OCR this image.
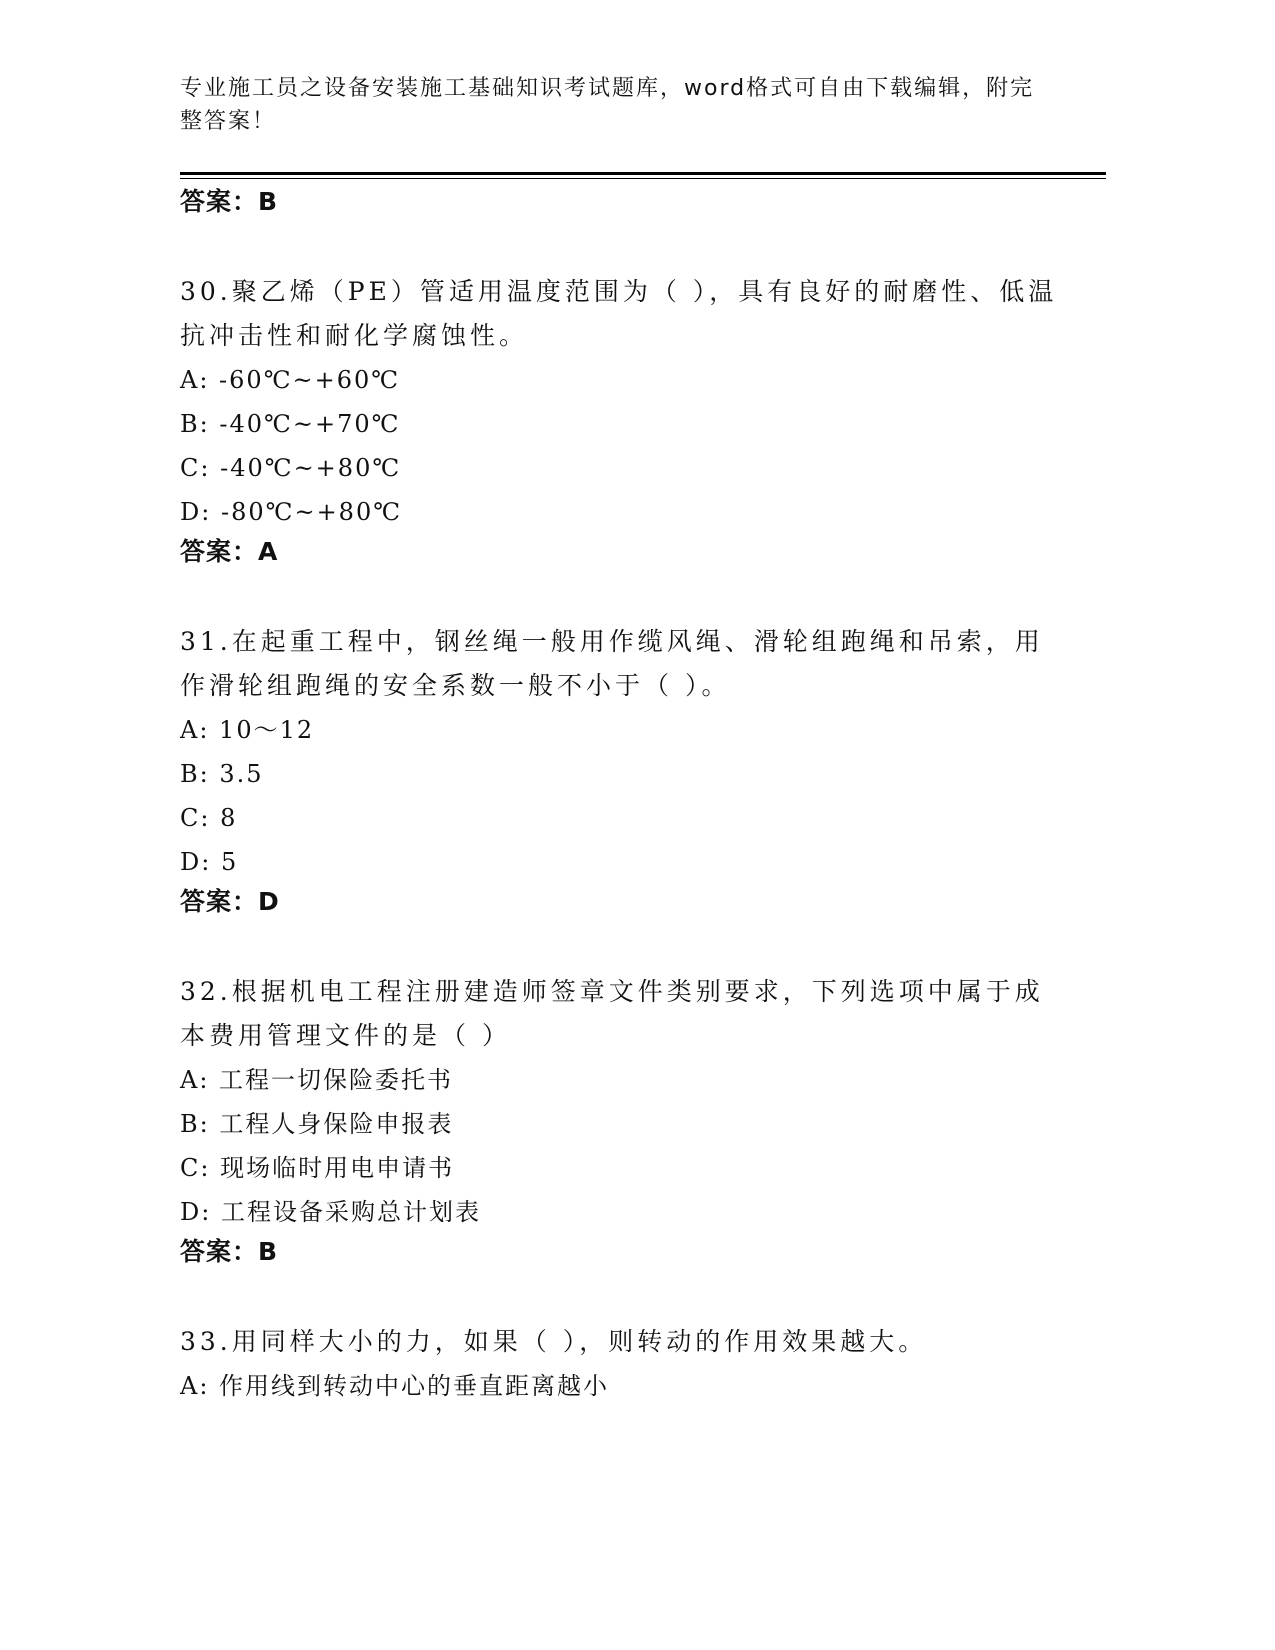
专业施工员之设备安装施工基础知识考试题库，word格式可自由下载编辑，附完整答案！
答案：B
30.聚乙烯（PE）管适用温度范围为（ ），具有良好的耐磨性、低温抗冲击性和耐化学腐蚀性。
A: -60℃~+60℃
B: -40℃~+70℃
C: -40℃~+80℃
D: -80℃~+80℃
答案：A
31.在起重工程中，钢丝绳一般用作缆风绳、滑轮组跑绳和吊索，用作滑轮组跑绳的安全系数一般不小于（ ）。
A: 10～12
B: 3.5
C: 8
D: 5
答案：D
32.根据机电工程注册建造师签章文件类别要求，下列选项中属于成本费用管理文件的是（ ）
A: 工程一切保险委托书
B: 工程人身保险申报表
C: 现场临时用电申请书
D: 工程设备采购总计划表
答案：B
33.用同样大小的力，如果（ ），则转动的作用效果越大。
A: 作用线到转动中心的垂直距离越小
